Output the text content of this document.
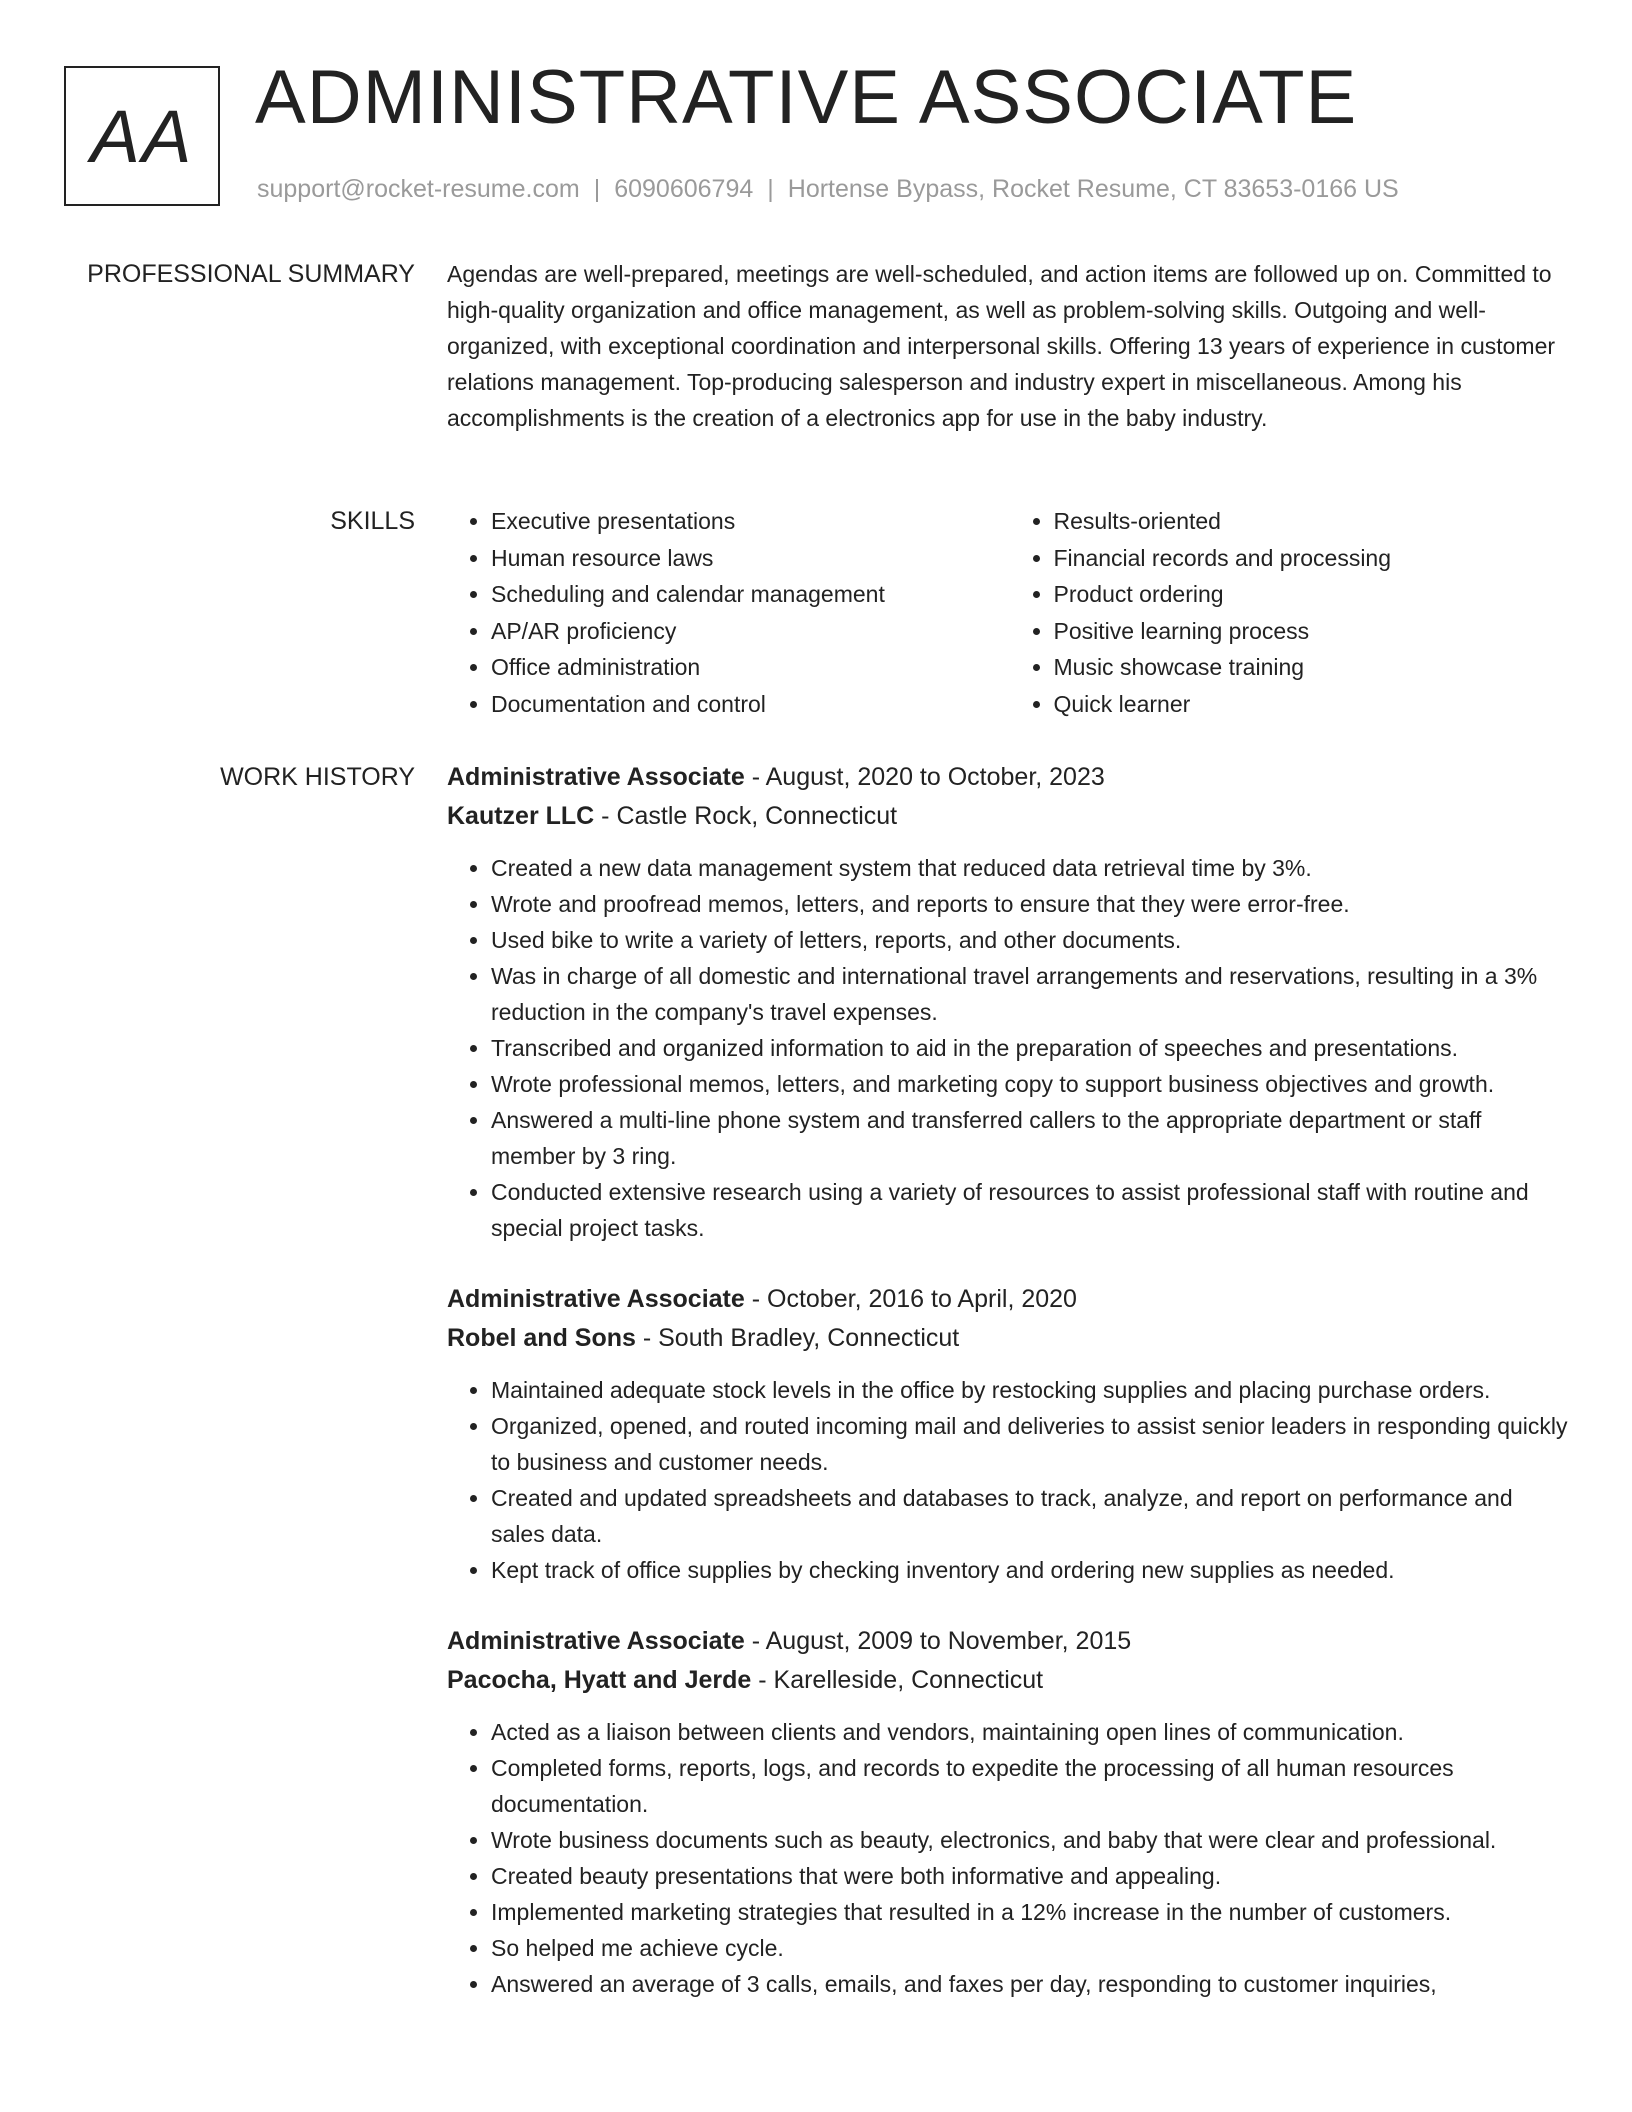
AA ADMINISTRATIVE ASSOCIATE
support@rocket-resume.com | 6090606794 | Hortense Bypass, Rocket Resume, CT 83653-0166 US
PROFESSIONAL SUMMARY Agendas are well-prepared, meetings are well-scheduled, and action items are followed up on. Committed to high-quality organization and office management, as well as problem-solving skills. Outgoing and well-organized, with exceptional coordination and interpersonal skills. Offering 13 years of experience in customer relations management. Top-producing salesperson and industry expert in miscellaneous. Among his accomplishments is the creation of a electronics app for use in the baby industry.

SKILLS
•	Executive presentations
• Human resource laws
• Scheduling and calendar management
• AP/AR proficiency
• Office administration
• Documentation and control
• Results-oriented
• Financial records and processing
• Product ordering
• Positive learning process
• Music showcase training
• Quick learner
WORK HISTORY Administrative Associate - August, 2020 to October, 2023

Kautzer LLC - Castle Rock, Connecticut

• Created a new data management system that reduced data retrieval time by 3%.
• Wrote and proofread memos, letters, and reports to ensure that they were error-free.
• Used bike to write a variety of letters, reports, and other documents.
• Was in charge of all domestic and international travel arrangements and reservations, resulting in a 3% reduction in the company's travel expenses.
• Transcribed and organized information to aid in the preparation of speeches and presentations.
• Wrote professional memos, letters, and marketing copy to support business objectives and growth.
• Answered a multi-line phone system and transferred callers to the appropriate department or staff member by 3 ring.
• Conducted extensive research using a variety of resources to assist professional staff with routine and special project tasks.

Administrative Associate - October, 2016 to April, 2020

Robel and Sons - South Bradley, Connecticut

• Maintained adequate stock levels in the office by restocking supplies and placing purchase orders.
• Organized, opened, and routed incoming mail and deliveries to assist senior leaders in responding quickly to business and customer needs.
• Created and updated spreadsheets and databases to track, analyze, and report on performance and sales data.
• Kept track of office supplies by checking inventory and ordering new supplies as needed.

Administrative Associate - August, 2009 to November, 2015

Pacocha, Hyatt and Jerde - Karelleside, Connecticut

• Acted as a liaison between clients and vendors, maintaining open lines of communication.
• Completed forms, reports, logs, and records to expedite the processing of all human resources documentation.
• Wrote business documents such as beauty, electronics, and baby that were clear and professional.
• Created beauty presentations that were both informative and appealing.
• Implemented marketing strategies that resulted in a 12% increase in the number of customers.
• So helped me achieve cycle.
• Answered an average of 3 calls, emails, and faxes per day, responding to customer inquiries,
